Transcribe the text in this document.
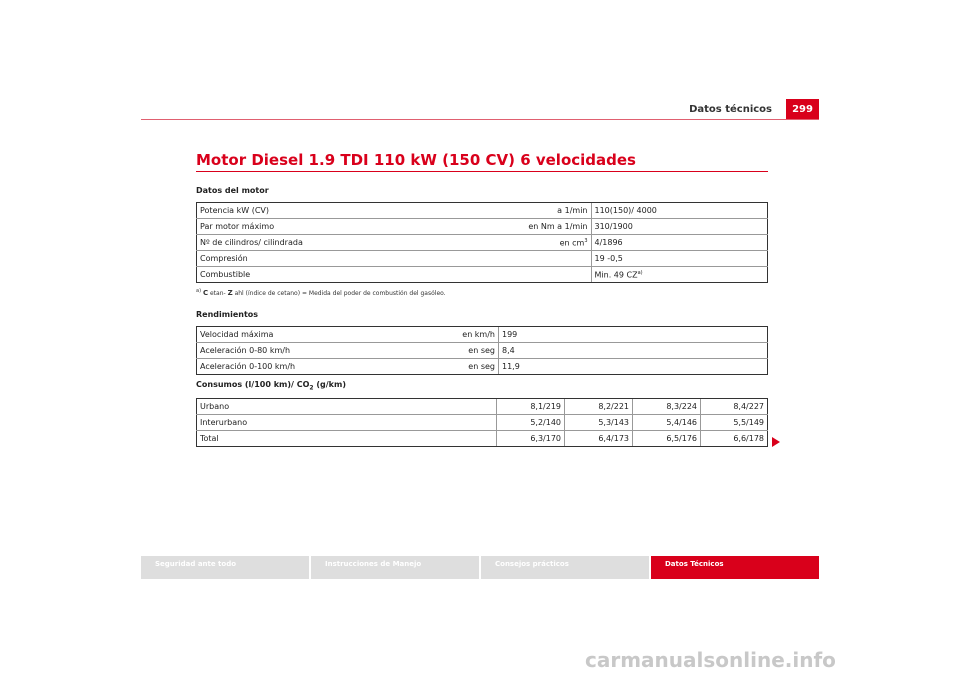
Datos técnicos	299
Motor Diesel 1.9 TDI 110 kW (150 CV) 6 velocidades
Datos del motor
Potencia kW (CV)	a 1/min	110(150)/ 4000
Par motor máximo	en Nm a 1/min	310/1900
Nº de cilindros/ cilindrada	en $cm^3$	4/1896
Compresión		19 -0,5
Combustible		Min. 49 CZ$^{a)}$
$^{a)}$ C etan- Z ahl (índice de cetano) = Medida del poder de combustión del gasóleo.
Rendimientos
Velocidad máxima	en km/h	199
Aceleración 0-80 km/h	en seg	8,4
Aceleración 0-100 km/h	en seg	11,9
Consumos (l/100 km)/ $CO_2$ (g/km)
Urbano	8,1/219	8,2/221	8,3/224	8,4/227
Interurbano	5,2/140	5,3/143	5,4/146	5,5/149
Total	6,3/170	6,4/173	6,5/176	6,6/178
Seguridad ante todo	Instrucciones de Manejo	Consejos prácticos	Datos Técnicos
carmanualsonline.info
